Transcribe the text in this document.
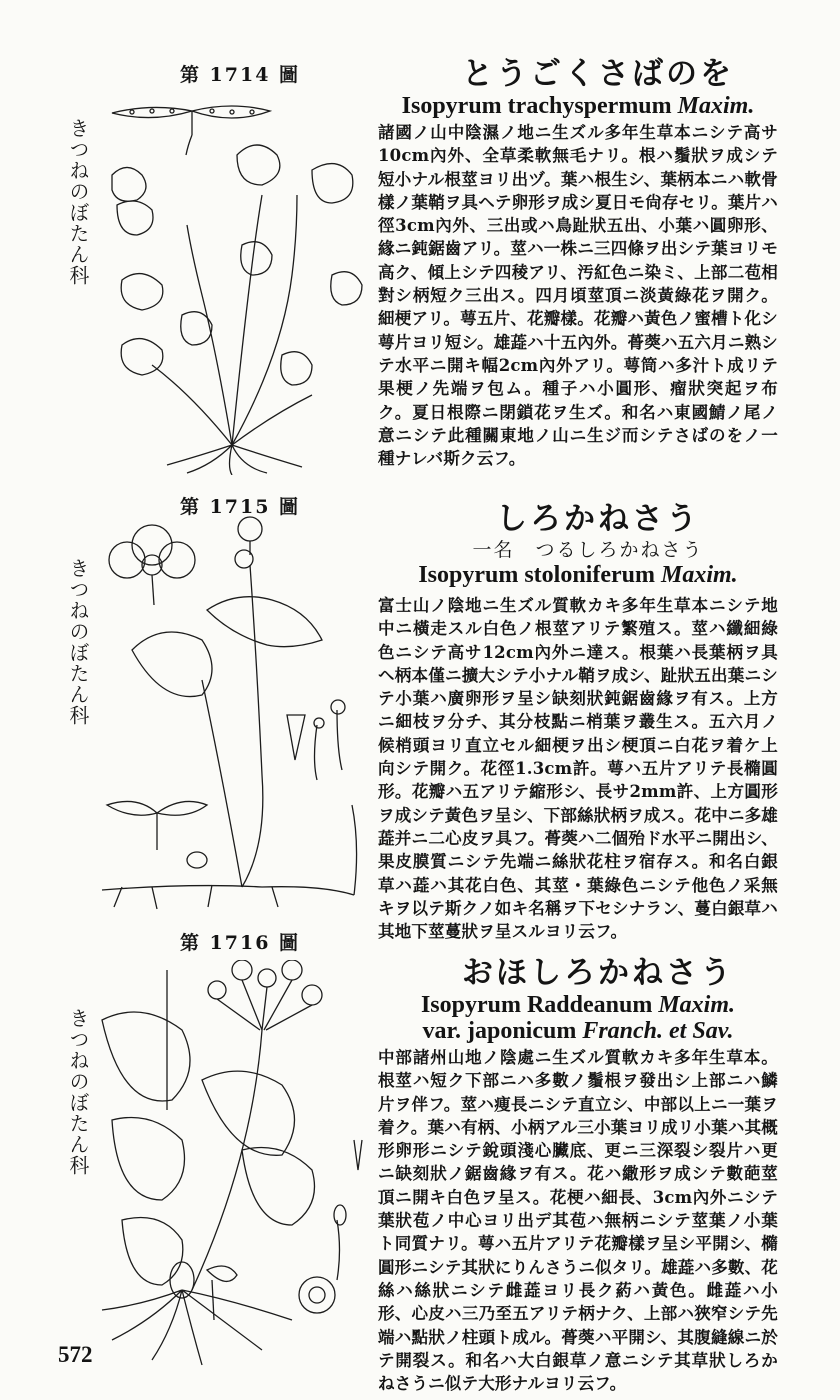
第 1714 圖
きつねのぼたん科
とうごくさばのを
Isopyrum trachyspermum Maxim.
諸國ノ山中陰濕ノ地ニ生ズル多年生草本ニシテ高サ10cm內外、全草柔軟無毛ナリ。根ハ鬚狀ヲ成シテ短小ナル根莖ヨリ出ヅ。葉ハ根生シ、葉柄本ニハ軟骨樣ノ葉鞘ヲ具ヘテ卵形ヲ成シ夏日モ尙存セリ。葉片ハ徑3cm內外、三出或ハ鳥趾狀五出、小葉ハ圓卵形、緣ニ鈍鋸齒アリ。莖ハ一株ニ三四條ヲ出シテ葉ヨリモ高ク、傾上シテ四稜アリ、汚紅色ニ染ミ、上部二苞相對シ柄短ク三出ス。四月頃莖頂ニ淡黃綠花ヲ開ク。細梗アリ。萼五片、花瓣樣。花瓣ハ黃色ノ蜜槽ト化シ萼片ヨリ短シ。雄蕋ハ十五內外。蓇葖ハ五六月ニ熟シテ水平ニ開キ幅2cm內外アリ。萼筒ハ多汁ト成リテ果梗ノ先端ヲ包ム。種子ハ小圓形、瘤狀突起ヲ布ク。夏日根際ニ閉鎖花ヲ生ズ。和名ハ東國鯖ノ尾ノ意ニシテ此種關東地ノ山ニ生ジ而シテさばのをノ一種ナレバ斯ク云フ。
第 1715 圖
きつねのぼたん科
しろかねさう
一名　つるしろかねさう
Isopyrum stoloniferum Maxim.
富士山ノ陰地ニ生ズル質軟カキ多年生草本ニシテ地中ニ橫走スル白色ノ根莖アリテ繁殖ス。莖ハ纖細綠色ニシテ高サ12cm內外ニ達ス。根葉ハ長葉柄ヲ具ヘ柄本僅ニ擴大シテ小ナル鞘ヲ成シ、趾狀五出葉ニシテ小葉ハ廣卵形ヲ呈シ缺刻狀鈍鋸齒緣ヲ有ス。上方ニ細枝ヲ分チ、其分枝點ニ梢葉ヲ叢生ス。五六月ノ候梢頭ヨリ直立セル細梗ヲ出シ梗頂ニ白花ヲ着ケ上向シテ開ク。花徑1.3cm許。萼ハ五片アリテ長橢圓形。花瓣ハ五アリテ縮形シ、長サ2mm許、上方圓形ヲ成シテ黃色ヲ呈シ、下部絲狀柄ヲ成ス。花中ニ多雄蕋并ニ二心皮ヲ具フ。蓇葖ハ二個殆ド水平ニ開出シ、果皮膜質ニシテ先端ニ絲狀花柱ヲ宿存ス。和名白銀草ハ蕋ハ其花白色、其莖・葉綠色ニシテ他色ノ采無キヲ以テ斯クノ如キ名稱ヲ下セシナラン、蔓白銀草ハ其地下莖蔓狀ヲ呈スルヨリ云フ。
第 1716 圖
きつねのぼたん科
おほしろかねさう
Isopyrum Raddeanum Maxim.
var. japonicum Franch. et Sav.
中部諸州山地ノ陰處ニ生ズル質軟カキ多年生草本。根莖ハ短ク下部ニハ多數ノ鬚根ヲ發出シ上部ニハ鱗片ヲ伴フ。莖ハ痩長ニシテ直立シ、中部以上ニ一葉ヲ着ク。葉ハ有柄、小柄アル三小葉ヨリ成リ小葉ハ其概形卵形ニシテ銳頭淺心臟底、更ニ三深裂シ裂片ハ更ニ缺刻狀ノ鋸齒緣ヲ有ス。花ハ繖形ヲ成シテ數葩莖頂ニ開キ白色ヲ呈ス。花梗ハ細長、3cm內外ニシテ葉狀苞ノ中心ヨリ出デ其苞ハ無柄ニシテ莖葉ノ小葉ト同質ナリ。萼ハ五片アリテ花瓣樣ヲ呈シ平開シ、橢圓形ニシテ其狀にりんさうニ似タリ。雄蕋ハ多數、花絲ハ絲狀ニシテ雌蕋ヨリ長ク葯ハ黃色。雌蕋ハ小形、心皮ハ三乃至五アリテ柄ナク、上部ハ狹窄シテ先端ハ點狀ノ柱頭ト成ル。蓇葖ハ平開シ、其腹縫線ニ於テ開裂ス。和名ハ大白銀草ノ意ニシテ其草狀しろかねさうニ似テ大形ナルヨリ云フ。
572
